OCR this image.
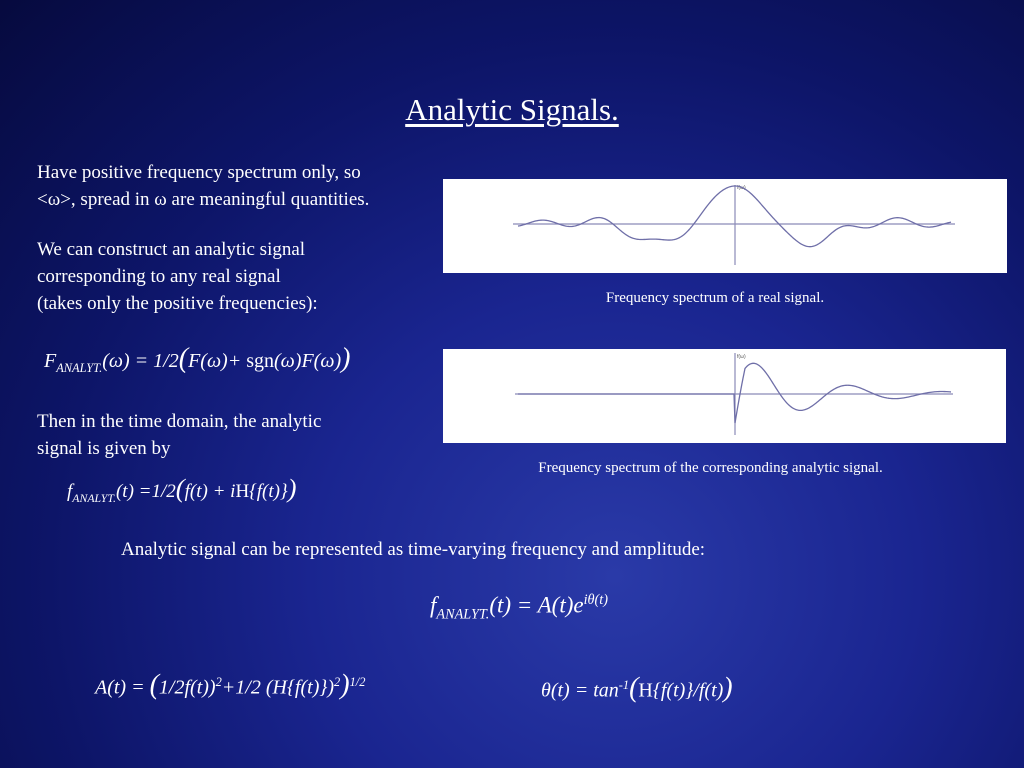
Analytic Signals.
Have positive frequency spectrum only, so
<ω>, spread in ω are meaningful quantities.
We can construct an analytic signal
corresponding to any real signal
(takes only the positive frequencies):
$F_{ANALYT.}(\omega) = 1/2(F(\omega)+ sgn(\omega)F(\omega))$
Then in the time domain, the analytic
signal is given by
$f_{ANALYT.}(t) =1/2(f(t) + iH\{f(t)\})$
f(ω)
Frequency spectrum of a real signal.
f(ω)
Frequency spectrum of the corresponding analytic signal.
Analytic signal can be represented as time-varying frequency and amplitude:
$f_{ANALYT.}(t) = A(t)e^{i\theta(t)}$
$A(t) = (1/2f(t))^2+1/2$ $(H\{f(t)\})^2)^{1/2}$	$\theta(t) = \tan^{-1}(H\{f(t)\}/f(t))$
